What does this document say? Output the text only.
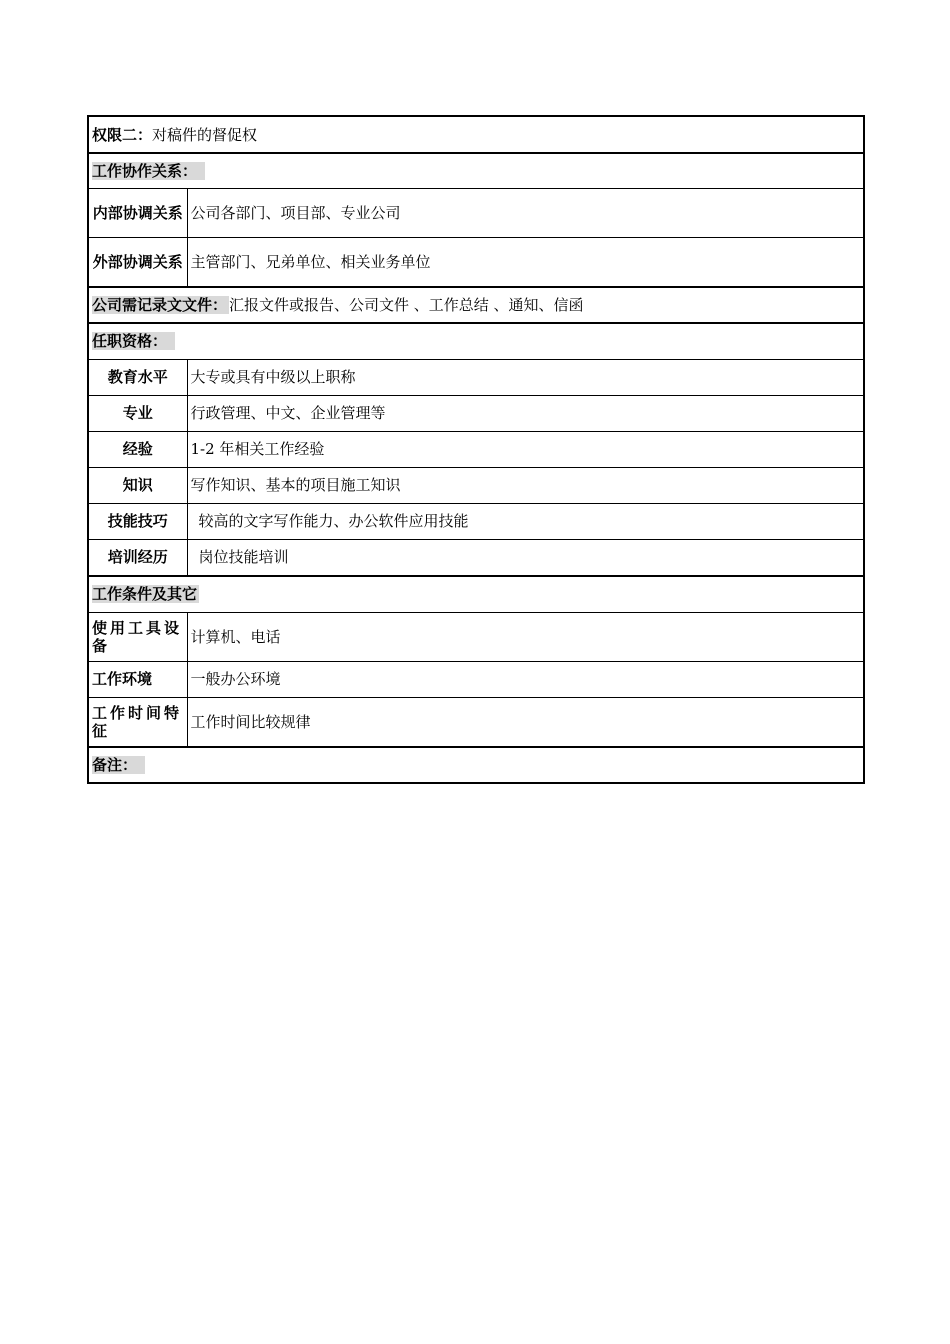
权限二：对稿件的督促权	
工作协作关系：	
内部协调关系	公司各部门、项目部、专业公司
外部协调关系	主管部门、兄弟单位、相关业务单位
公司需记录文文件： 汇报文件或报告、公司文件 、工作总结 、通知、信函	
任职资格：	
教育水平	大专或具有中级以上职称
专业	行政管理、中文、企业管理等
经验	1-2 年相关工作经验
知识	写作知识、基本的项目施工知识
技能技巧	较高的文字写作能力、办公软件应用技能
培训经历	岗位技能培训
工作条件及其它	
使用工具设备	计算机、电话
工作环境	一般办公环境
工作时间特征	工作时间比较规律
备注：	
